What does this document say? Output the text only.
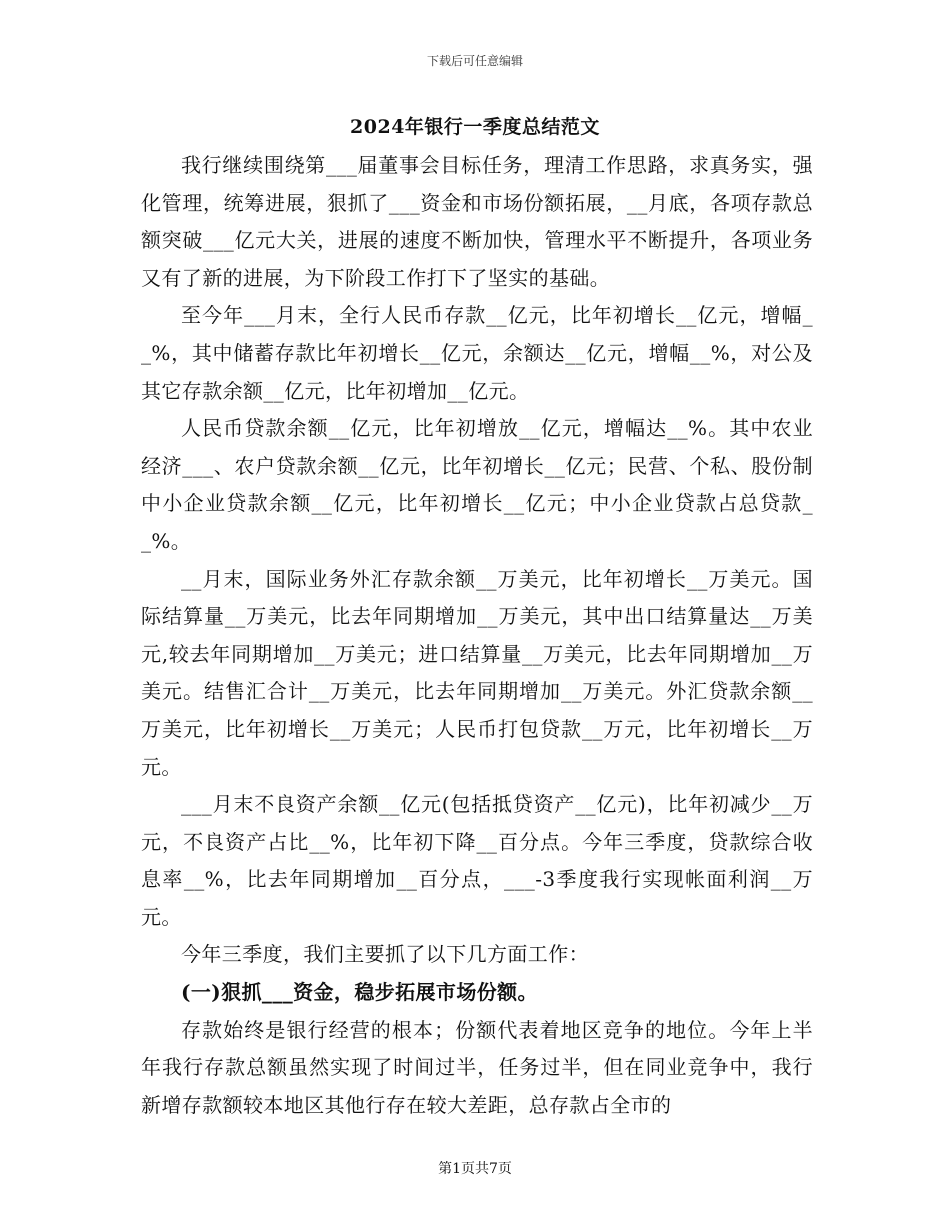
下载后可任意编辑
2024年银行一季度总结范文

我行继续围绕第___届董事会目标任务，理清工作思路，求真务实，强化管理，统筹进展，狠抓了___资金和市场份额拓展，__月底，各项存款总额突破___亿元大关，进展的速度不断加快，管理水平不断提升，各项业务又有了新的进展，为下阶段工作打下了坚实的基础。

至今年___月末，全行人民币存款__亿元，比年初增长__亿元，增幅__%，其中储蓄存款比年初增长__亿元，余额达__亿元，增幅__%，对公及其它存款余额__亿元，比年初增加__亿元。

人民币贷款余额__亿元，比年初增放__亿元，增幅达__%。其中农业经济___、农户贷款余额__亿元，比年初增长__亿元；民营、个私、股份制中小企业贷款余额__亿元，比年初增长__亿元；中小企业贷款占总贷款__%。

__月末，国际业务外汇存款余额__万美元，比年初增长__万美元。国际结算量__万美元，比去年同期增加__万美元，其中出口结算量达__万美元,较去年同期增加__万美元；进口结算量__万美元，比去年同期增加__万美元。结售汇合计__万美元，比去年同期增加__万美元。外汇贷款余额__万美元，比年初增长__万美元；人民币打包贷款__万元，比年初增长__万元。

___月末不良资产余额__亿元(包括抵贷资产__亿元)，比年初减少__万元，不良资产占比__%，比年初下降__百分点。今年三季度，贷款综合收息率__%，比去年同期增加__百分点，___-3季度我行实现帐面利润__万元。

今年三季度，我们主要抓了以下几方面工作：

(一)狠抓___资金，稳步拓展市场份额。

存款始终是银行经营的根本；份额代表着地区竞争的地位。今年上半年我行存款总额虽然实现了时间过半，任务过半，但在同业竞争中，我行新增存款额较本地区其他行存在较大差距，总存款占全市的

第1页共7页
